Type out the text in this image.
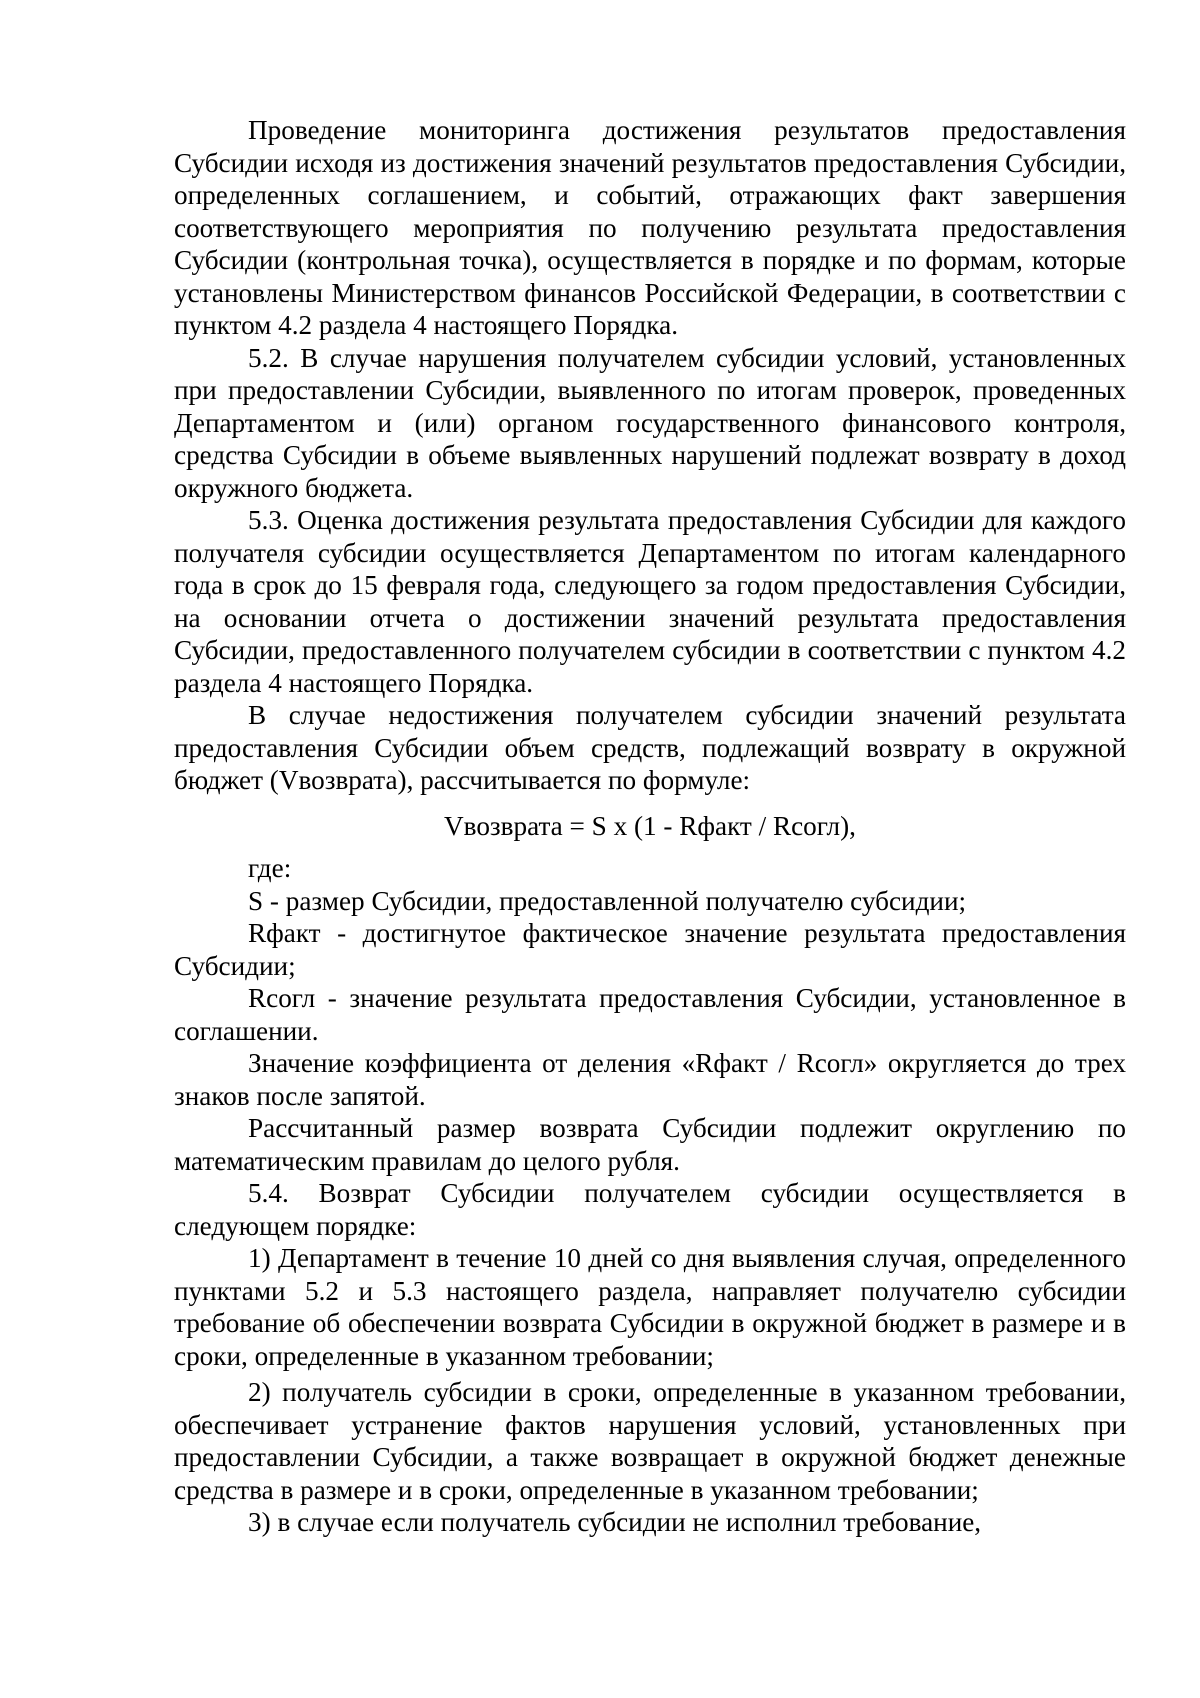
Проведение мониторинга достижения результатов предоставления Субсидии исходя из достижения значений результатов предоставления Субсидии, определенных соглашением, и событий, отражающих факт завершения соответствующего мероприятия по получению результата предоставления Субсидии (контрольная точка), осуществляется в порядке и по формам, которые установлены Министерством финансов Российской Федерации, в соответствии с пунктом 4.2 раздела 4 настоящего Порядка.

5.2. В случае нарушения получателем субсидии условий, установленных при предоставлении Субсидии, выявленного по итогам проверок, проведенных Департаментом и (или) органом государственного финансового контроля, средства Субсидии в объеме выявленных нарушений подлежат возврату в доход окружного бюджета.

5.3. Оценка достижения результата предоставления Субсидии для каждого получателя субсидии осуществляется Департаментом по итогам календарного года в срок до 15 февраля года, следующего за годом предоставления Субсидии, на основании отчета о достижении значений результата предоставления Субсидии, предоставленного получателем субсидии в соответствии с пунктом 4.2 раздела 4 настоящего Порядка.

В случае недостижения получателем субсидии значений результата предоставления Субсидии объем средств, подлежащий возврату в окружной бюджет (Vвозврата), рассчитывается по формуле:

Vвозврата = S x (1 - Rфакт / Rсогл),

где:

S - размер Субсидии, предоставленной получателю субсидии;

Rфакт - достигнутое фактическое значение результата предоставления Субсидии;

Rсогл - значение результата предоставления Субсидии, установленное в соглашении.

Значение коэффициента от деления «Rфакт / Rсогл» округляется до трех знаков после запятой.

Рассчитанный размер возврата Субсидии подлежит округлению по математическим правилам до целого рубля.

5.4. Возврат Субсидии получателем субсидии осуществляется в следующем порядке:

1) Департамент в течение 10 дней со дня выявления случая, определенного пунктами 5.2 и 5.3 настоящего раздела, направляет получателю субсидии требование об обеспечении возврата Субсидии в окружной бюджет в размере и в сроки, определенные в указанном требовании;

2) получатель субсидии в сроки, определенные в указанном требовании, обеспечивает устранение фактов нарушения условий, установленных при предоставлении Субсидии, а также возвращает в окружной бюджет денежные средства в размере и в сроки, определенные в указанном требовании;

3) в случае если получатель субсидии не исполнил требование,
